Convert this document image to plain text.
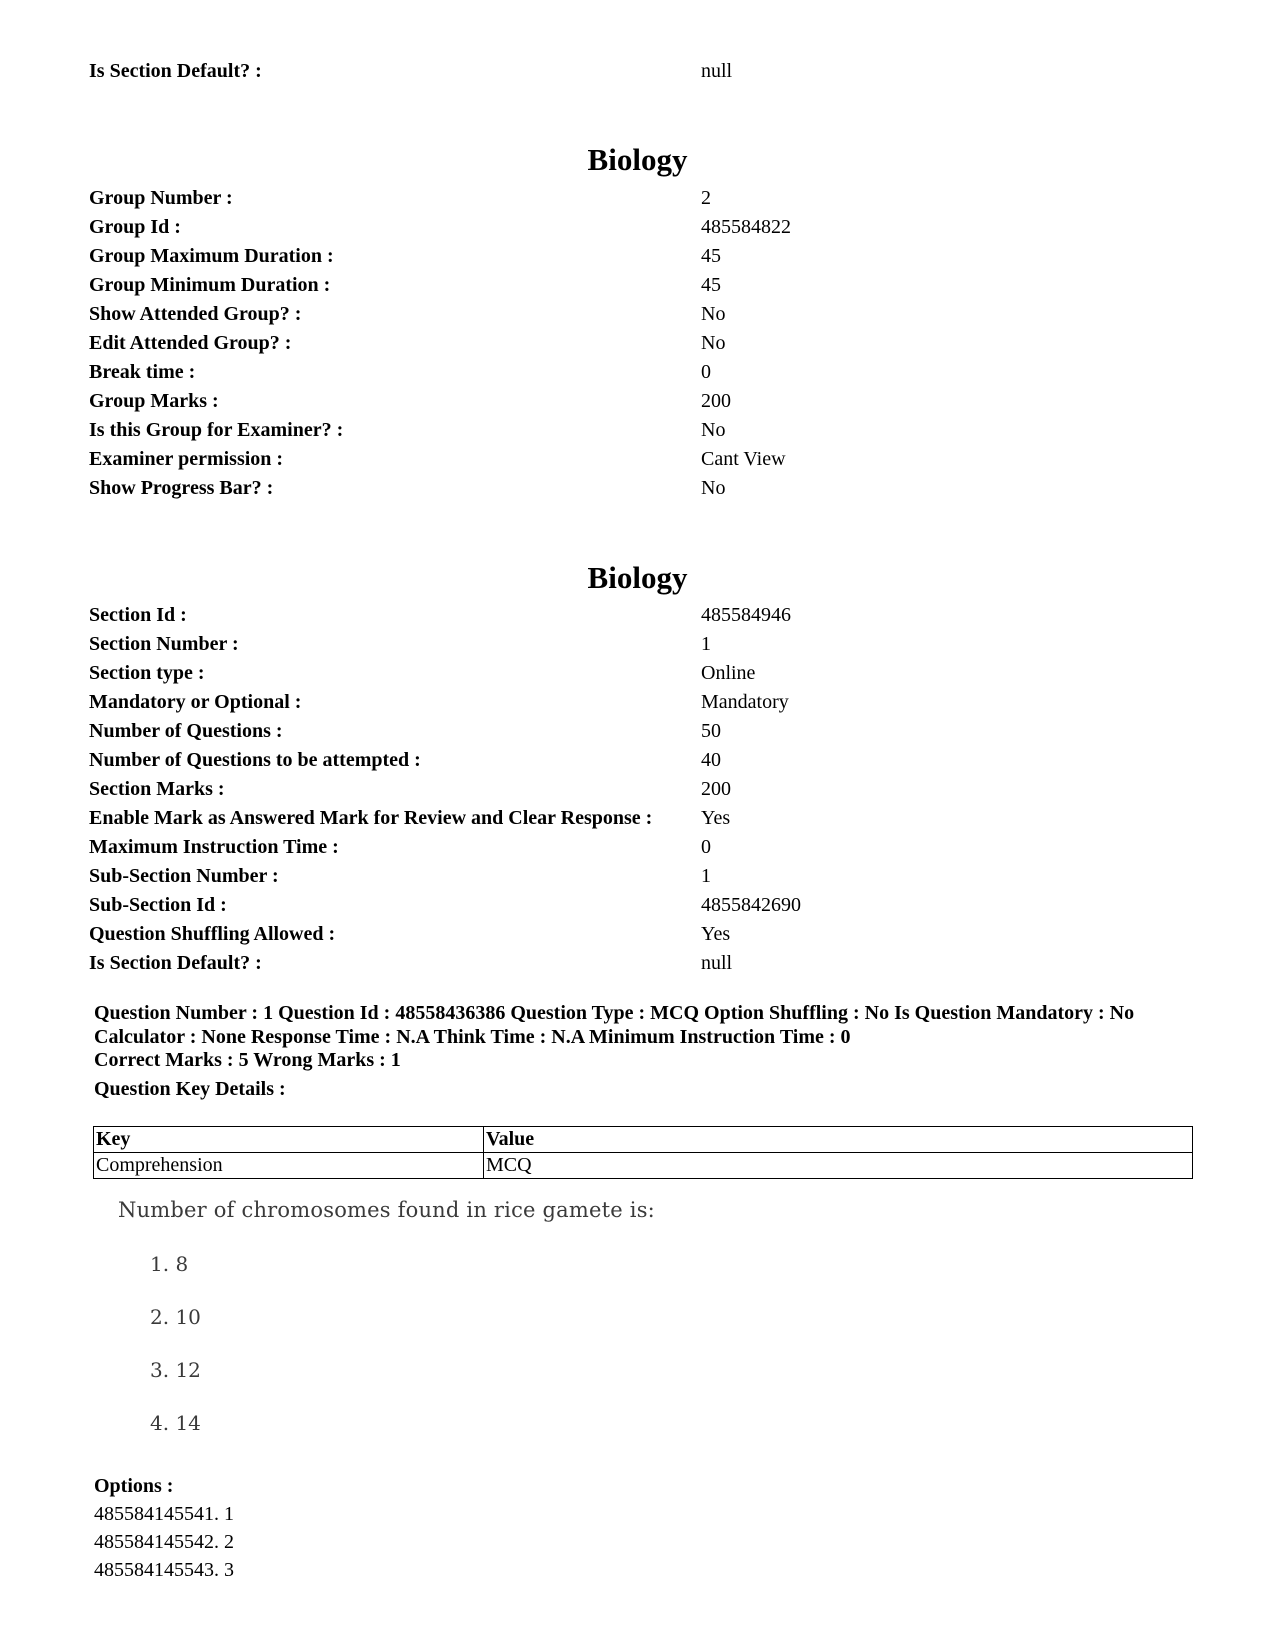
Is Section Default? :	null
Biology
Group Number :	2
Group Id :	485584822
Group Maximum Duration :	45
Group Minimum Duration :	45
Show Attended Group? :	No
Edit Attended Group? :	No
Break time :	0
Group Marks :	200
Is this Group for Examiner? :	No
Examiner permission :	Cant View
Show Progress Bar? :	No
Biology
Section Id :	485584946
Section Number :	1
Section type :	Online
Mandatory or Optional :	Mandatory
Number of Questions :	50
Number of Questions to be attempted :	40
Section Marks :	200
Enable Mark as Answered Mark for Review and Clear Response : Yes
Maximum Instruction Time :	0
Sub-Section Number :	1
Sub-Section Id :	4855842690
Question Shuffling Allowed :	Yes
Is Section Default? :	null
Question Number : 1 Question Id : 48558436386 Question Type : MCQ Option Shuffling : No Is Question Mandatory : No Calculator : None Response Time : N.A Think Time : N.A Minimum Instruction Time : 0
Correct Marks : 5 Wrong Marks : 1
Question Key Details :
Key	Value
Comprehension	MCQ
Number of chromosomes found in rice gamete is:
1. 8
2. 10
3. 12
4. 14
Options :
485584145541. 1
485584145542. 2
485584145543. 3
